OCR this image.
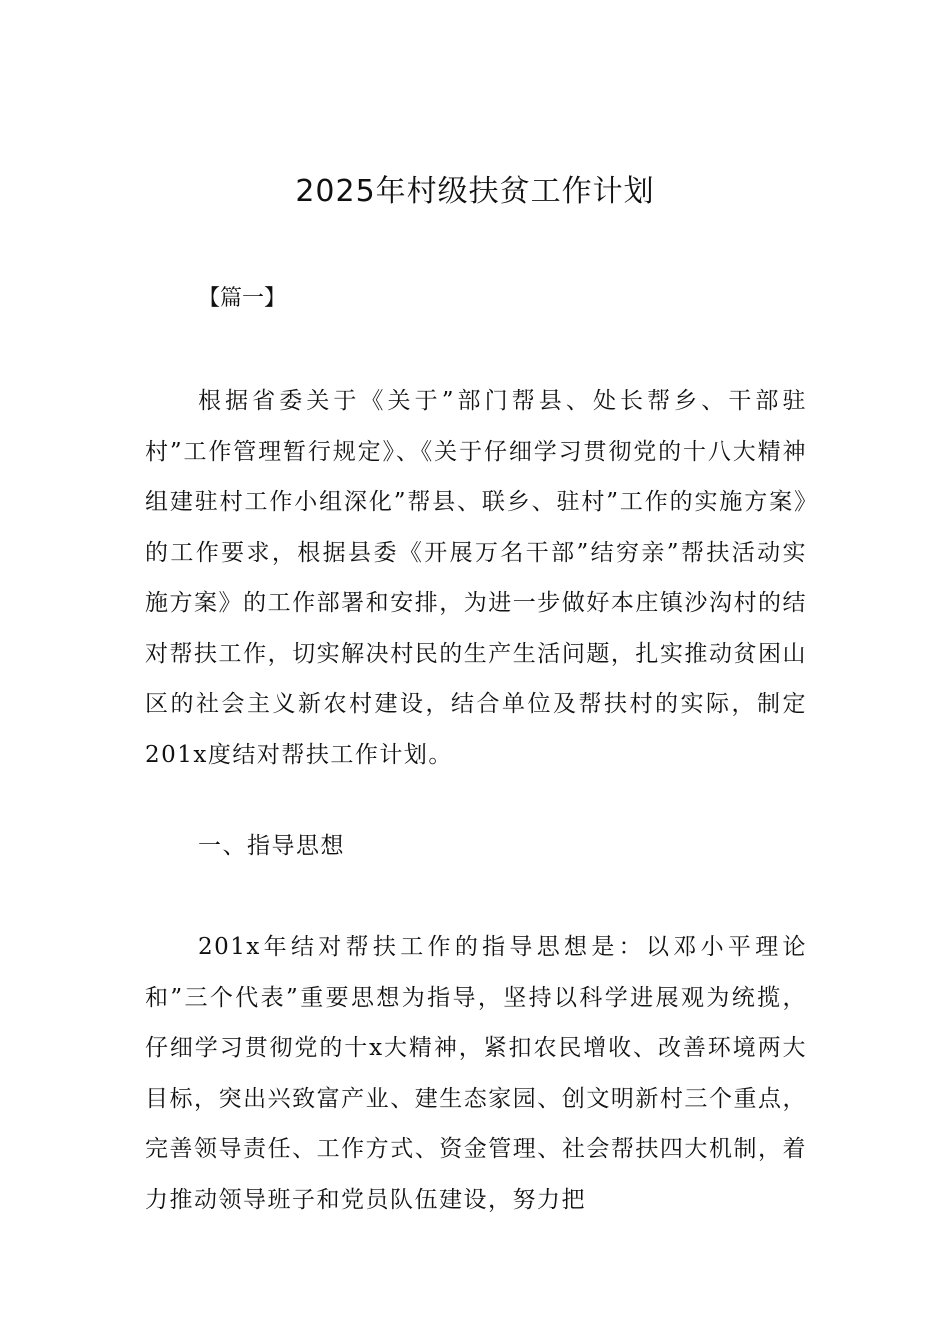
2025年村级扶贫工作计划
【篇一】

根据省委关于《关于”部门帮县、处长帮乡、干部驻村”工作管理暂行规定》、《关于仔细学习贯彻党的十八大精神组建驻村工作小组深化”帮县、联乡、驻村”工作的实施方案》的工作要求，根据县委《开展万名干部”结穷亲”帮扶活动实施方案》的工作部署和安排，为进一步做好本庄镇沙沟村的结对帮扶工作，切实解决村民的生产生活问题，扎实推动贫困山区的社会主义新农村建设，结合单位及帮扶村的实际，制定201x度结对帮扶工作计划。

一、指导思想

201x年结对帮扶工作的指导思想是：以邓小平理论和”三个代表”重要思想为指导，坚持以科学进展观为统揽，仔细学习贯彻党的十x大精神，紧扣农民增收、改善环境两大目标，突出兴致富产业、建生态家园、创文明新村三个重点，完善领导责任、工作方式、资金管理、社会帮扶四大机制，着力推动领导班子和党员队伍建设，努力把
